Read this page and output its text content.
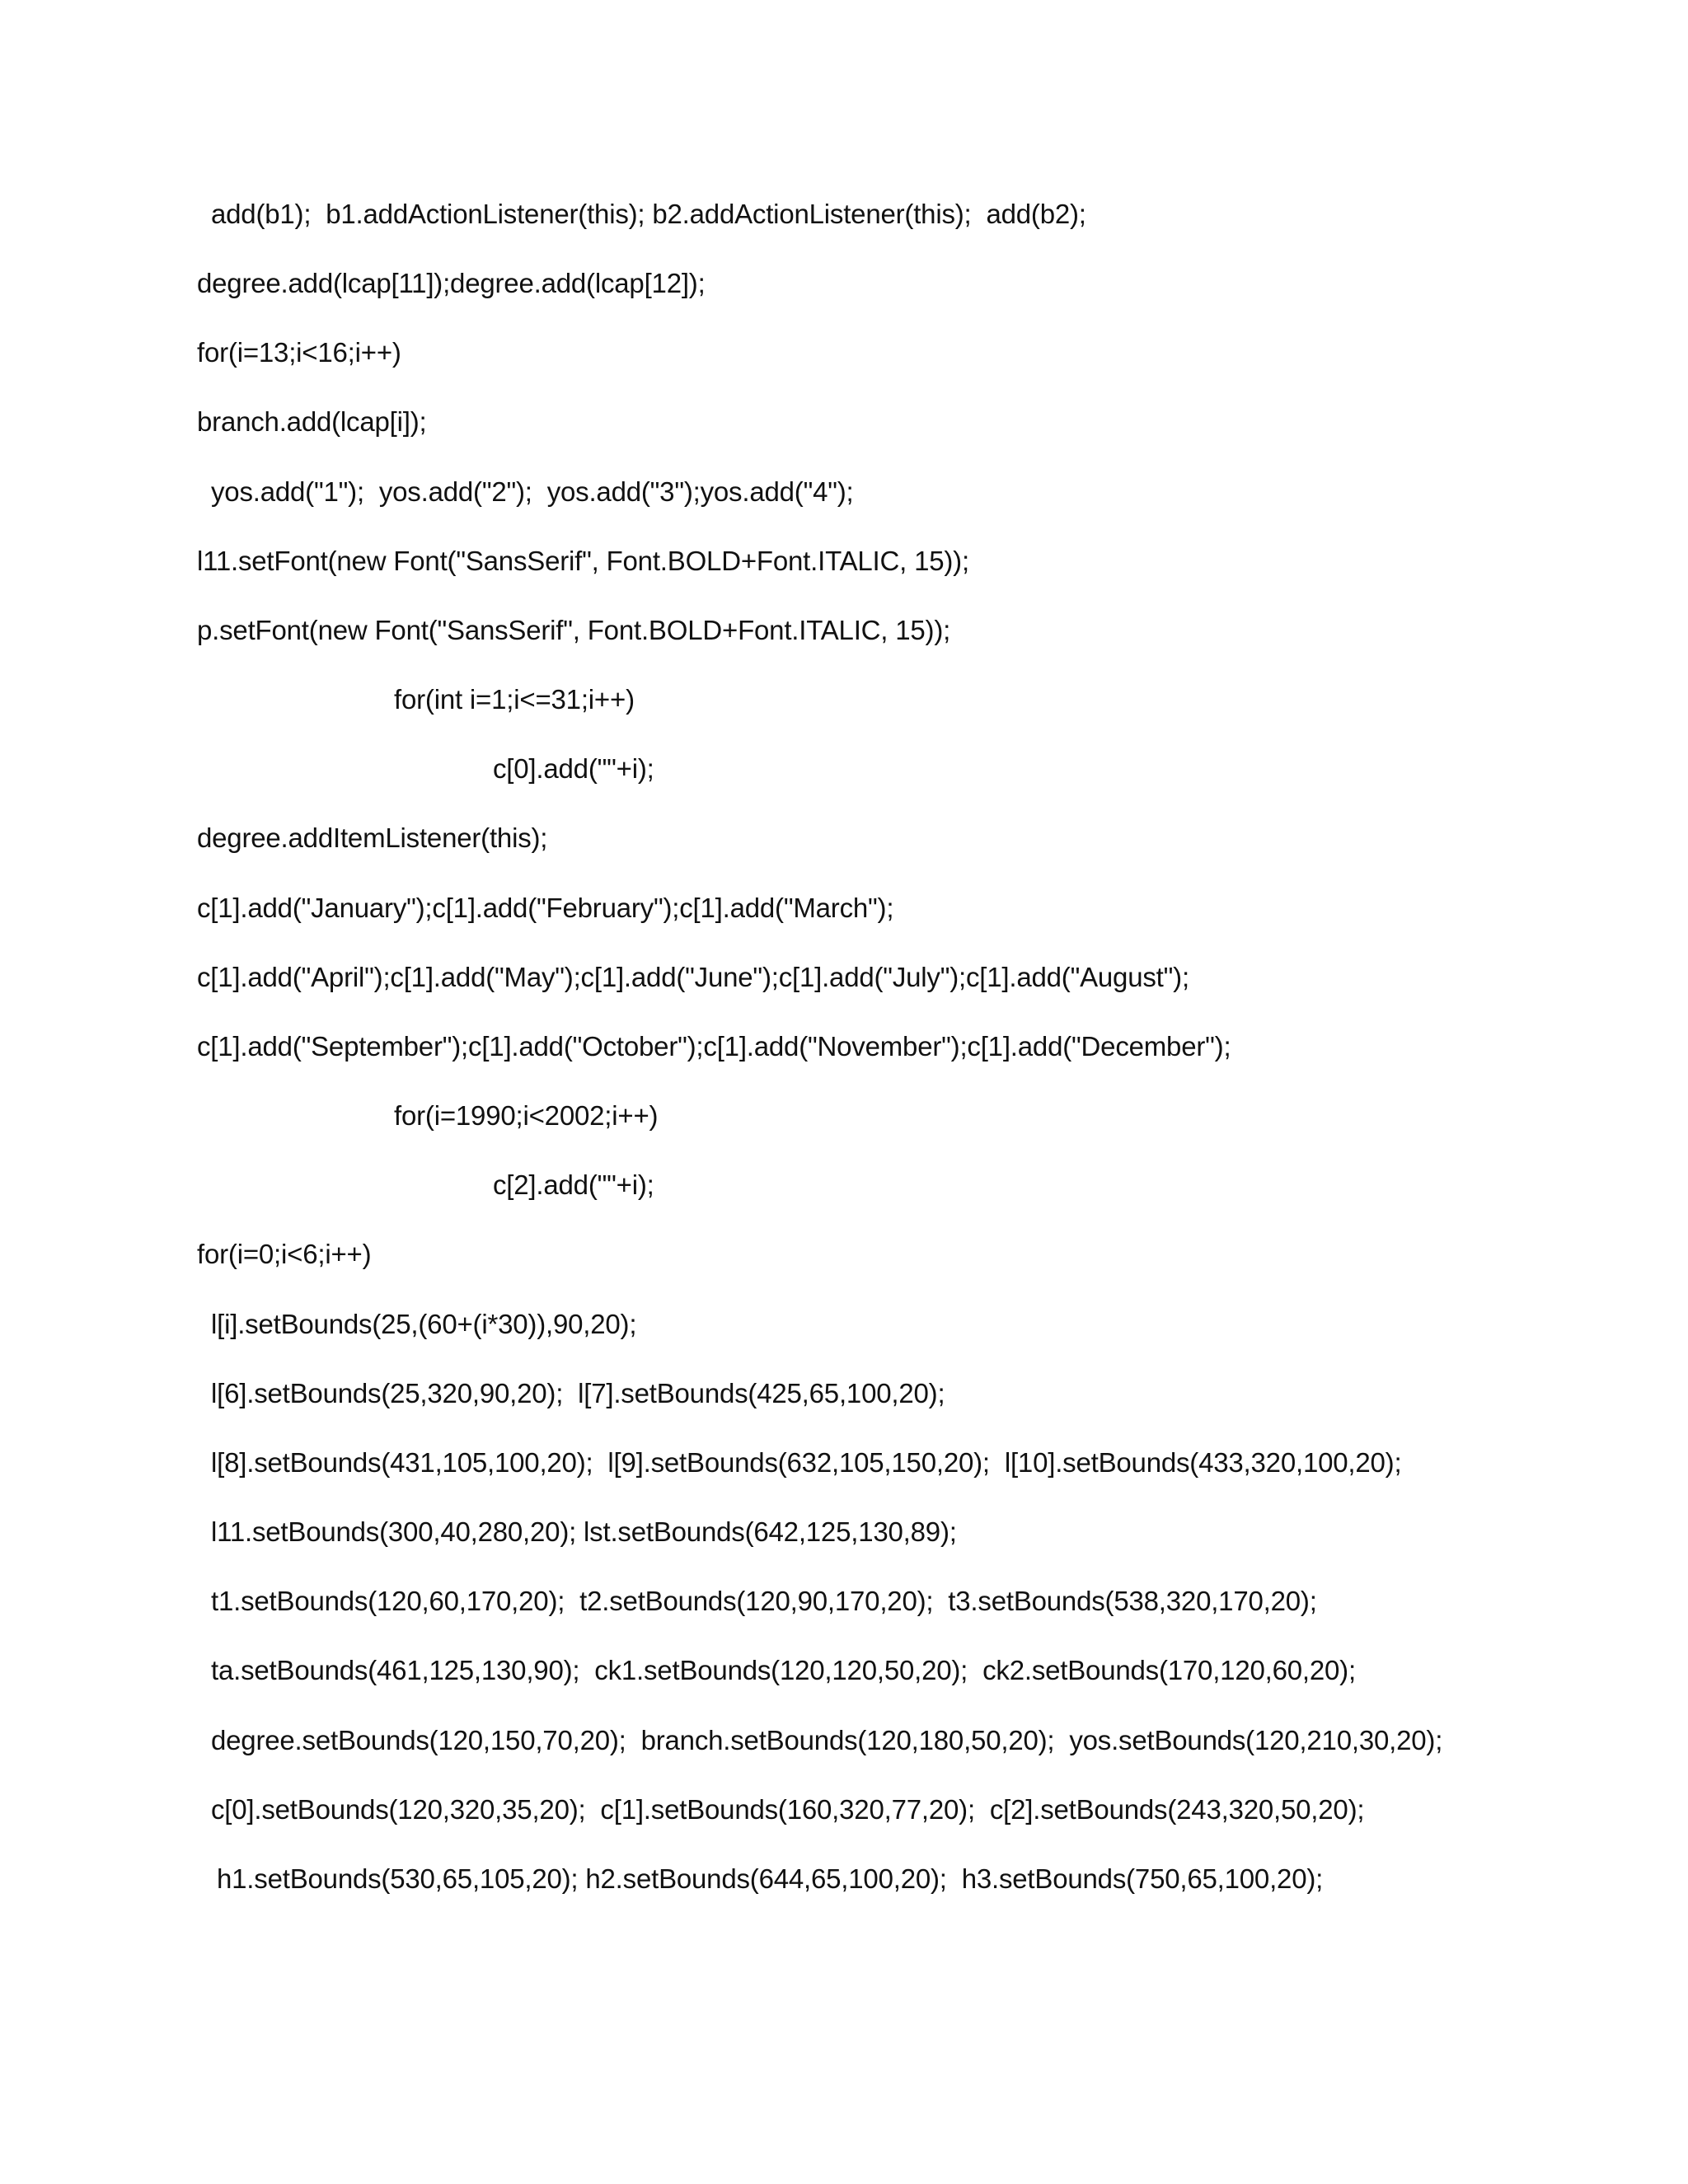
add(b1);  b1.addActionListener(this); b2.addActionListener(this);  add(b2);
degree.add(lcap[11]);degree.add(lcap[12]);
for(i=13;i<16;i++)
branch.add(lcap[i]);
yos.add("1");  yos.add("2");  yos.add("3");yos.add("4");
l11.setFont(new Font("SansSerif", Font.BOLD+Font.ITALIC, 15));
p.setFont(new Font("SansSerif", Font.BOLD+Font.ITALIC, 15));
for(int i=1;i<=31;i++)
c[0].add(""+i);
degree.addItemListener(this);
c[1].add("January");c[1].add("February");c[1].add("March");
c[1].add("April");c[1].add("May");c[1].add("June");c[1].add("July");c[1].add("August");
c[1].add("September");c[1].add("October");c[1].add("November");c[1].add("December");
for(i=1990;i<2002;i++)
c[2].add(""+i);
for(i=0;i<6;i++)
l[i].setBounds(25,(60+(i*30)),90,20);
l[6].setBounds(25,320,90,20);  l[7].setBounds(425,65,100,20);
l[8].setBounds(431,105,100,20);  l[9].setBounds(632,105,150,20);  l[10].setBounds(433,320,100,20);
l11.setBounds(300,40,280,20); lst.setBounds(642,125,130,89);
t1.setBounds(120,60,170,20);  t2.setBounds(120,90,170,20);  t3.setBounds(538,320,170,20);
ta.setBounds(461,125,130,90);  ck1.setBounds(120,120,50,20);  ck2.setBounds(170,120,60,20);
degree.setBounds(120,150,70,20);  branch.setBounds(120,180,50,20);  yos.setBounds(120,210,30,20);
c[0].setBounds(120,320,35,20);  c[1].setBounds(160,320,77,20);  c[2].setBounds(243,320,50,20);
h1.setBounds(530,65,105,20); h2.setBounds(644,65,100,20);  h3.setBounds(750,65,100,20);
